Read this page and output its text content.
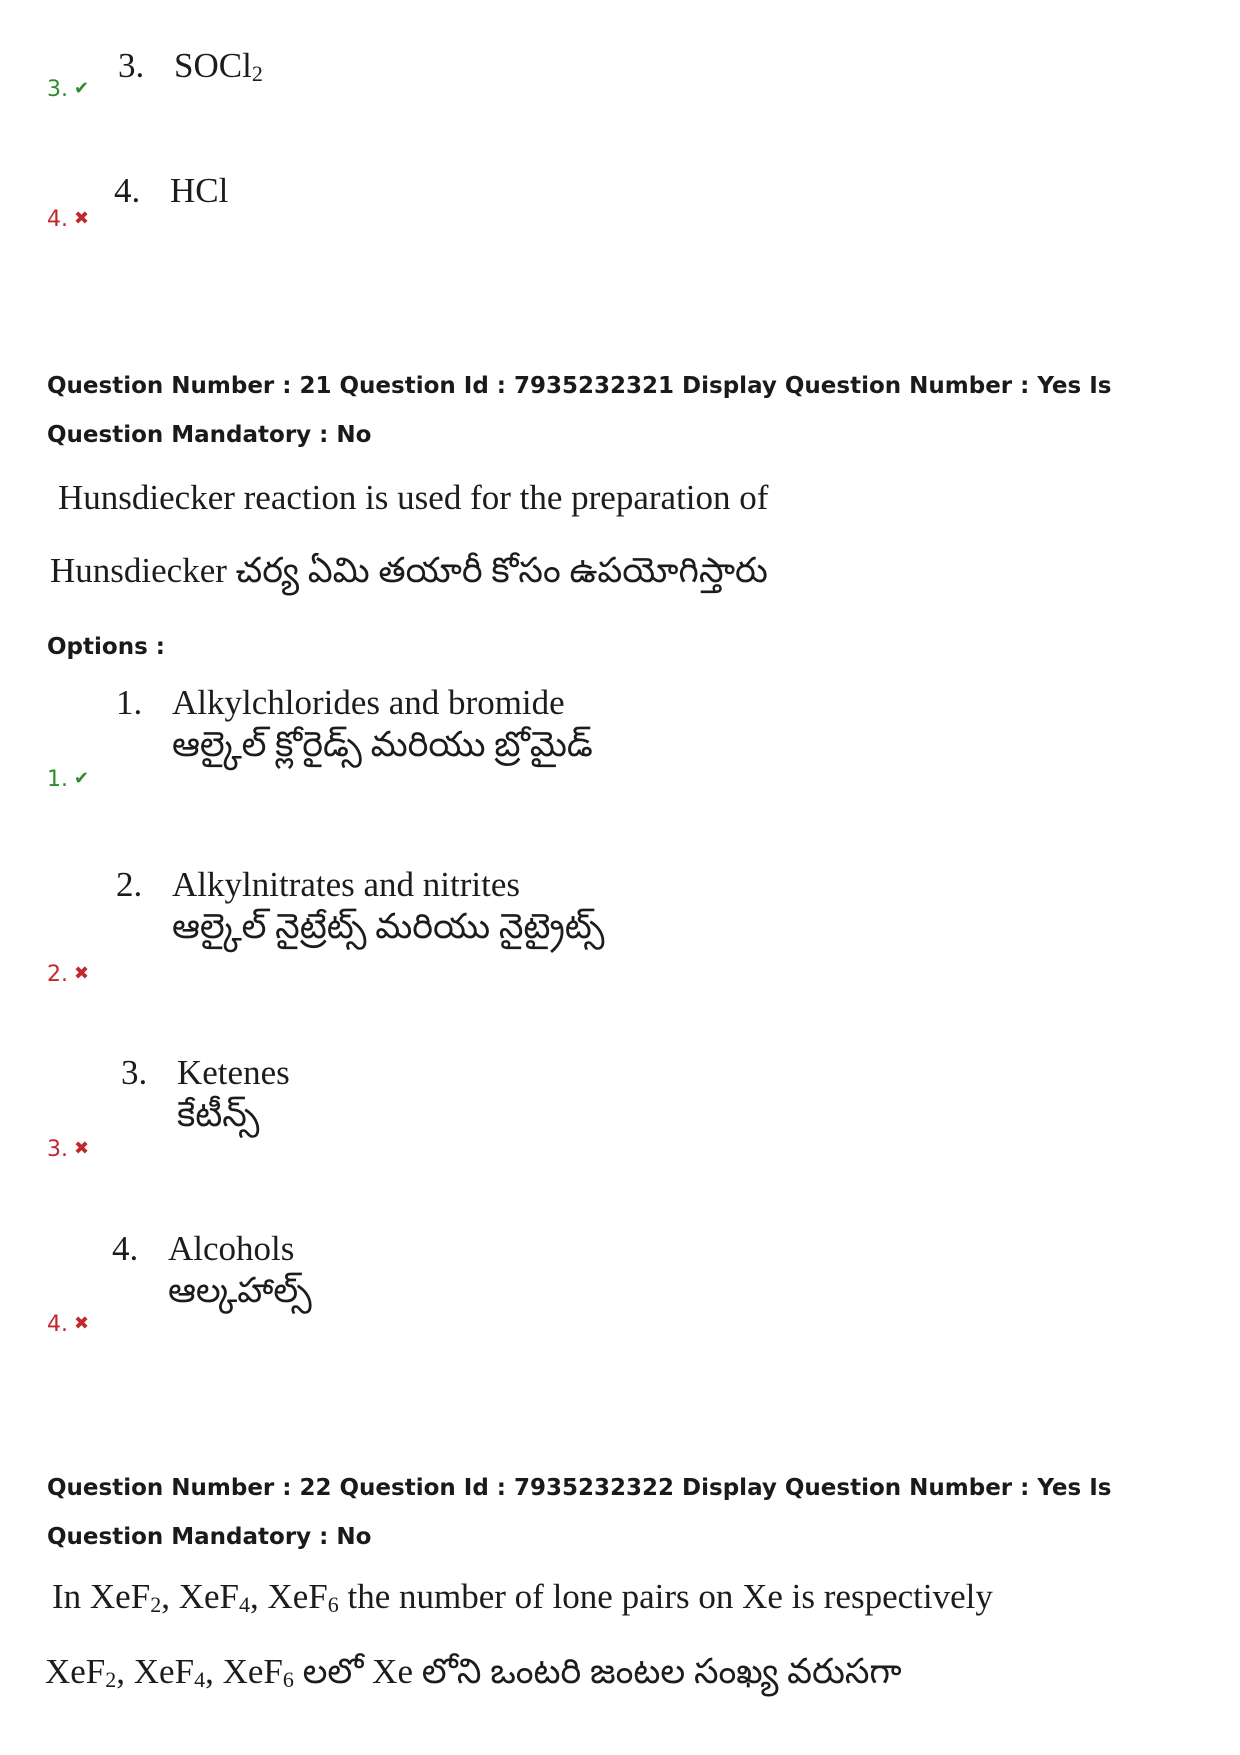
3. ✔
3. SOCl$_2$
4. ✖
4. HCl
Question Number : 21 Question Id : 7935232321 Display Question Number : Yes Is Question Mandatory : No
Hunsdiecker reaction is used for the preparation of
Hunsdiecker చర్య ఏమి తయారీ కోసం ఉపయోగిస్తారు
Options :
1. ✔
1. Alkylchlorides and bromide
ఆల్కైల్ క్లోరైడ్స్ మరియు బ్రోమైడ్
2. ✖
2. Alkylnitrates and nitrites
ఆల్కైల్ నైట్రేట్స్ మరియు నైట్రైట్స్
3. ✖
3. Ketenes
కేటీన్స్
4. ✖
4. Alcohols
ఆల్కహాల్స్
Question Number : 22 Question Id : 7935232322 Display Question Number : Yes Is Question Mandatory : No
In XeF$_2$, XeF$_4$, XeF$_6$ the number of lone pairs on Xe is respectively
XeF$_2$, XeF$_4$, XeF$_6$ లలో Xe లోని ఒంటరి జంటల సంఖ్య వరుసగా
